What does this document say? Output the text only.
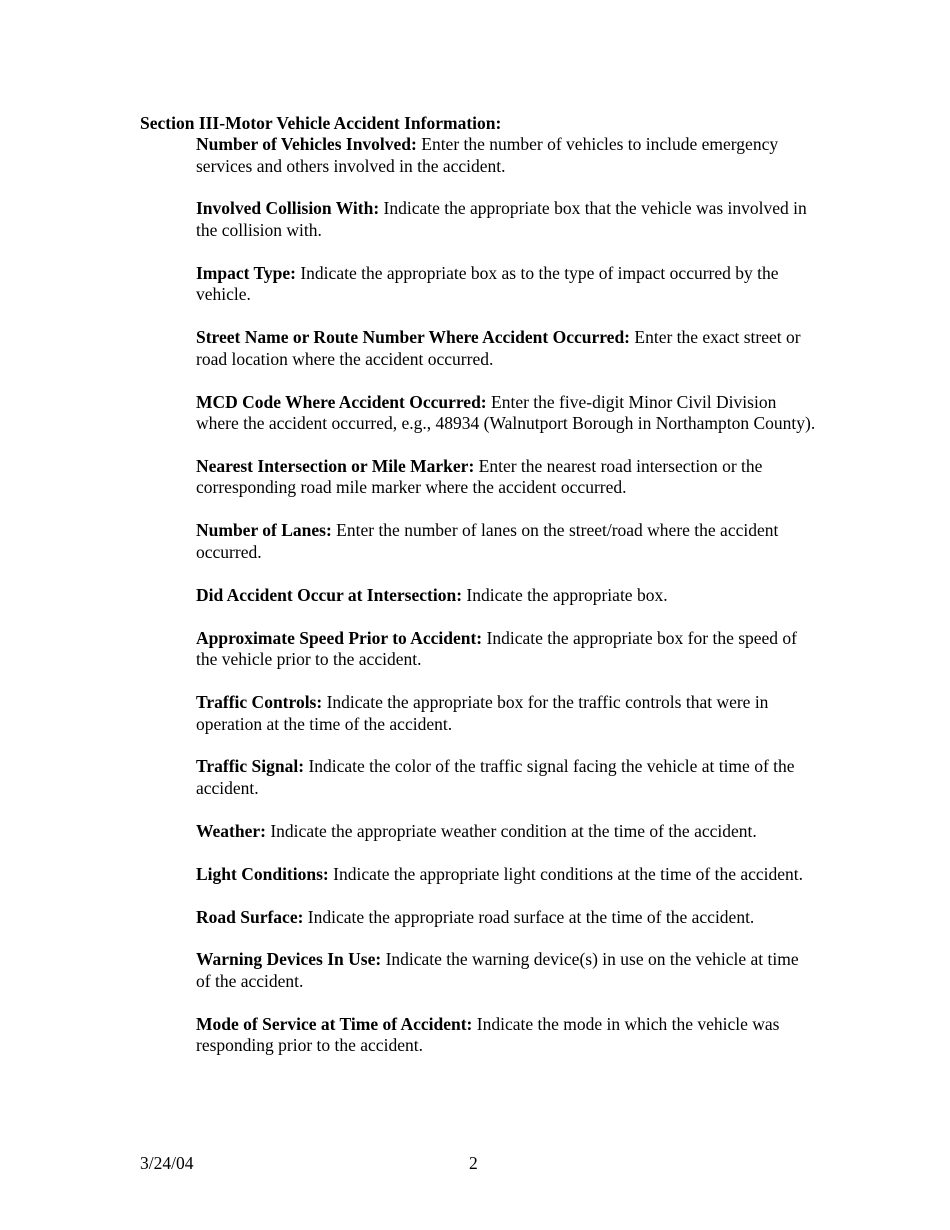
Section III-Motor Vehicle Accident Information:

Number of Vehicles Involved: Enter the number of vehicles to include emergency services and others involved in the accident.

Involved Collision With: Indicate the appropriate box that the vehicle was involved in the collision with.

Impact Type: Indicate the appropriate box as to the type of impact occurred by the vehicle.

Street Name or Route Number Where Accident Occurred: Enter the exact street or road location where the accident occurred.

MCD Code Where Accident Occurred: Enter the five-digit Minor Civil Division where the accident occurred, e.g., 48934 (Walnutport Borough in Northampton County).

Nearest Intersection or Mile Marker: Enter the nearest road intersection or the corresponding road mile marker where the accident occurred.

Number of Lanes: Enter the number of lanes on the street/road where the accident occurred.

Did Accident Occur at Intersection: Indicate the appropriate box.

Approximate Speed Prior to Accident: Indicate the appropriate box for the speed of the vehicle prior to the accident.

Traffic Controls: Indicate the appropriate box for the traffic controls that were in operation at the time of the accident.

Traffic Signal: Indicate the color of the traffic signal facing the vehicle at time of the accident.

Weather: Indicate the appropriate weather condition at the time of the accident.

Light Conditions: Indicate the appropriate light conditions at the time of the accident.

Road Surface: Indicate the appropriate road surface at the time of the accident.

Warning Devices In Use: Indicate the warning device(s) in use on the vehicle at time of the accident.

Mode of Service at Time of Accident: Indicate the mode in which the vehicle was responding prior to the accident.

3/24/04	2
